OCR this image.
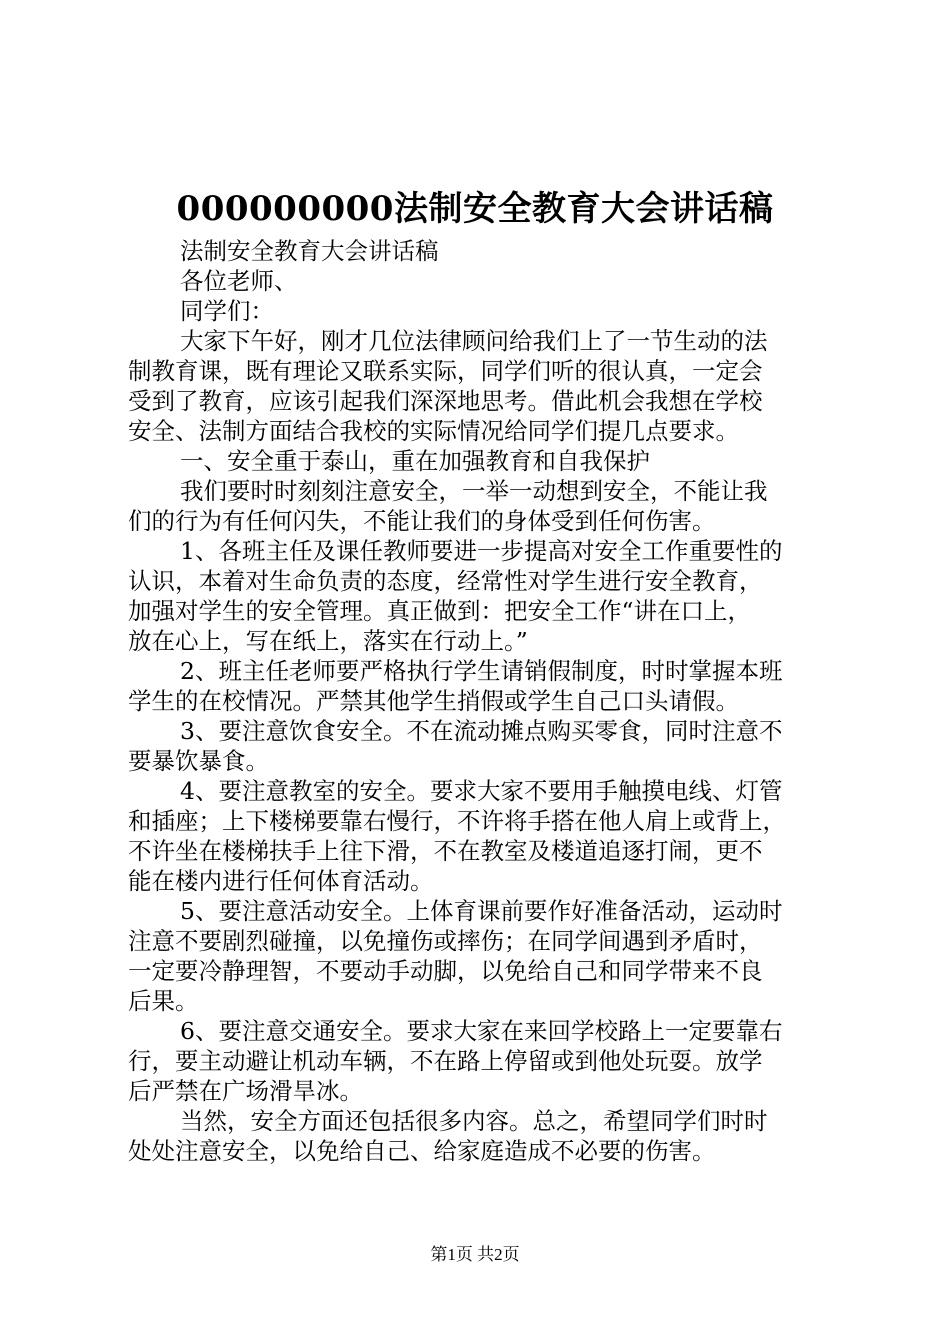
000000000法制安全教育大会讲话稿
法制安全教育大会讲话稿
各位老师、
同学们：
大家下午好，刚才几位法律顾问给我们上了一节生动的法
制教育课，既有理论又联系实际，同学们听的很认真，一定会
受到了教育，应该引起我们深深地思考。借此机会我想在学校
安全、法制方面结合我校的实际情况给同学们提几点要求。
一、安全重于泰山，重在加强教育和自我保护
我们要时时刻刻注意安全，一举一动想到安全，不能让我
们的行为有任何闪失，不能让我们的身体受到任何伤害。
1、各班主任及课任教师要进一步提高对安全工作重要性的
认识，本着对生命负责的态度，经常性对学生进行安全教育，
加强对学生的安全管理。真正做到：把安全工作“讲在口上，
放在心上，写在纸上，落实在行动上。”
2、班主任老师要严格执行学生请销假制度，时时掌握本班
学生的在校情况。严禁其他学生捎假或学生自己口头请假。
3、要注意饮食安全。不在流动摊点购买零食，同时注意不
要暴饮暴食。
4、要注意教室的安全。要求大家不要用手触摸电线、灯管
和插座；上下楼梯要靠右慢行，不许将手搭在他人肩上或背上，
不许坐在楼梯扶手上往下滑，不在教室及楼道追逐打闹，更不
能在楼内进行任何体育活动。
5、要注意活动安全。上体育课前要作好准备活动，运动时
注意不要剧烈碰撞，以免撞伤或摔伤；在同学间遇到矛盾时，
一定要冷静理智，不要动手动脚，以免给自己和同学带来不良
后果。
6、要注意交通安全。要求大家在来回学校路上一定要靠右
行，要主动避让机动车辆，不在路上停留或到他处玩耍。放学
后严禁在广场滑旱冰。
当然，安全方面还包括很多内容。总之，希望同学们时时
处处注意安全，以免给自己、给家庭造成不必要的伤害。
第1页 共2页
